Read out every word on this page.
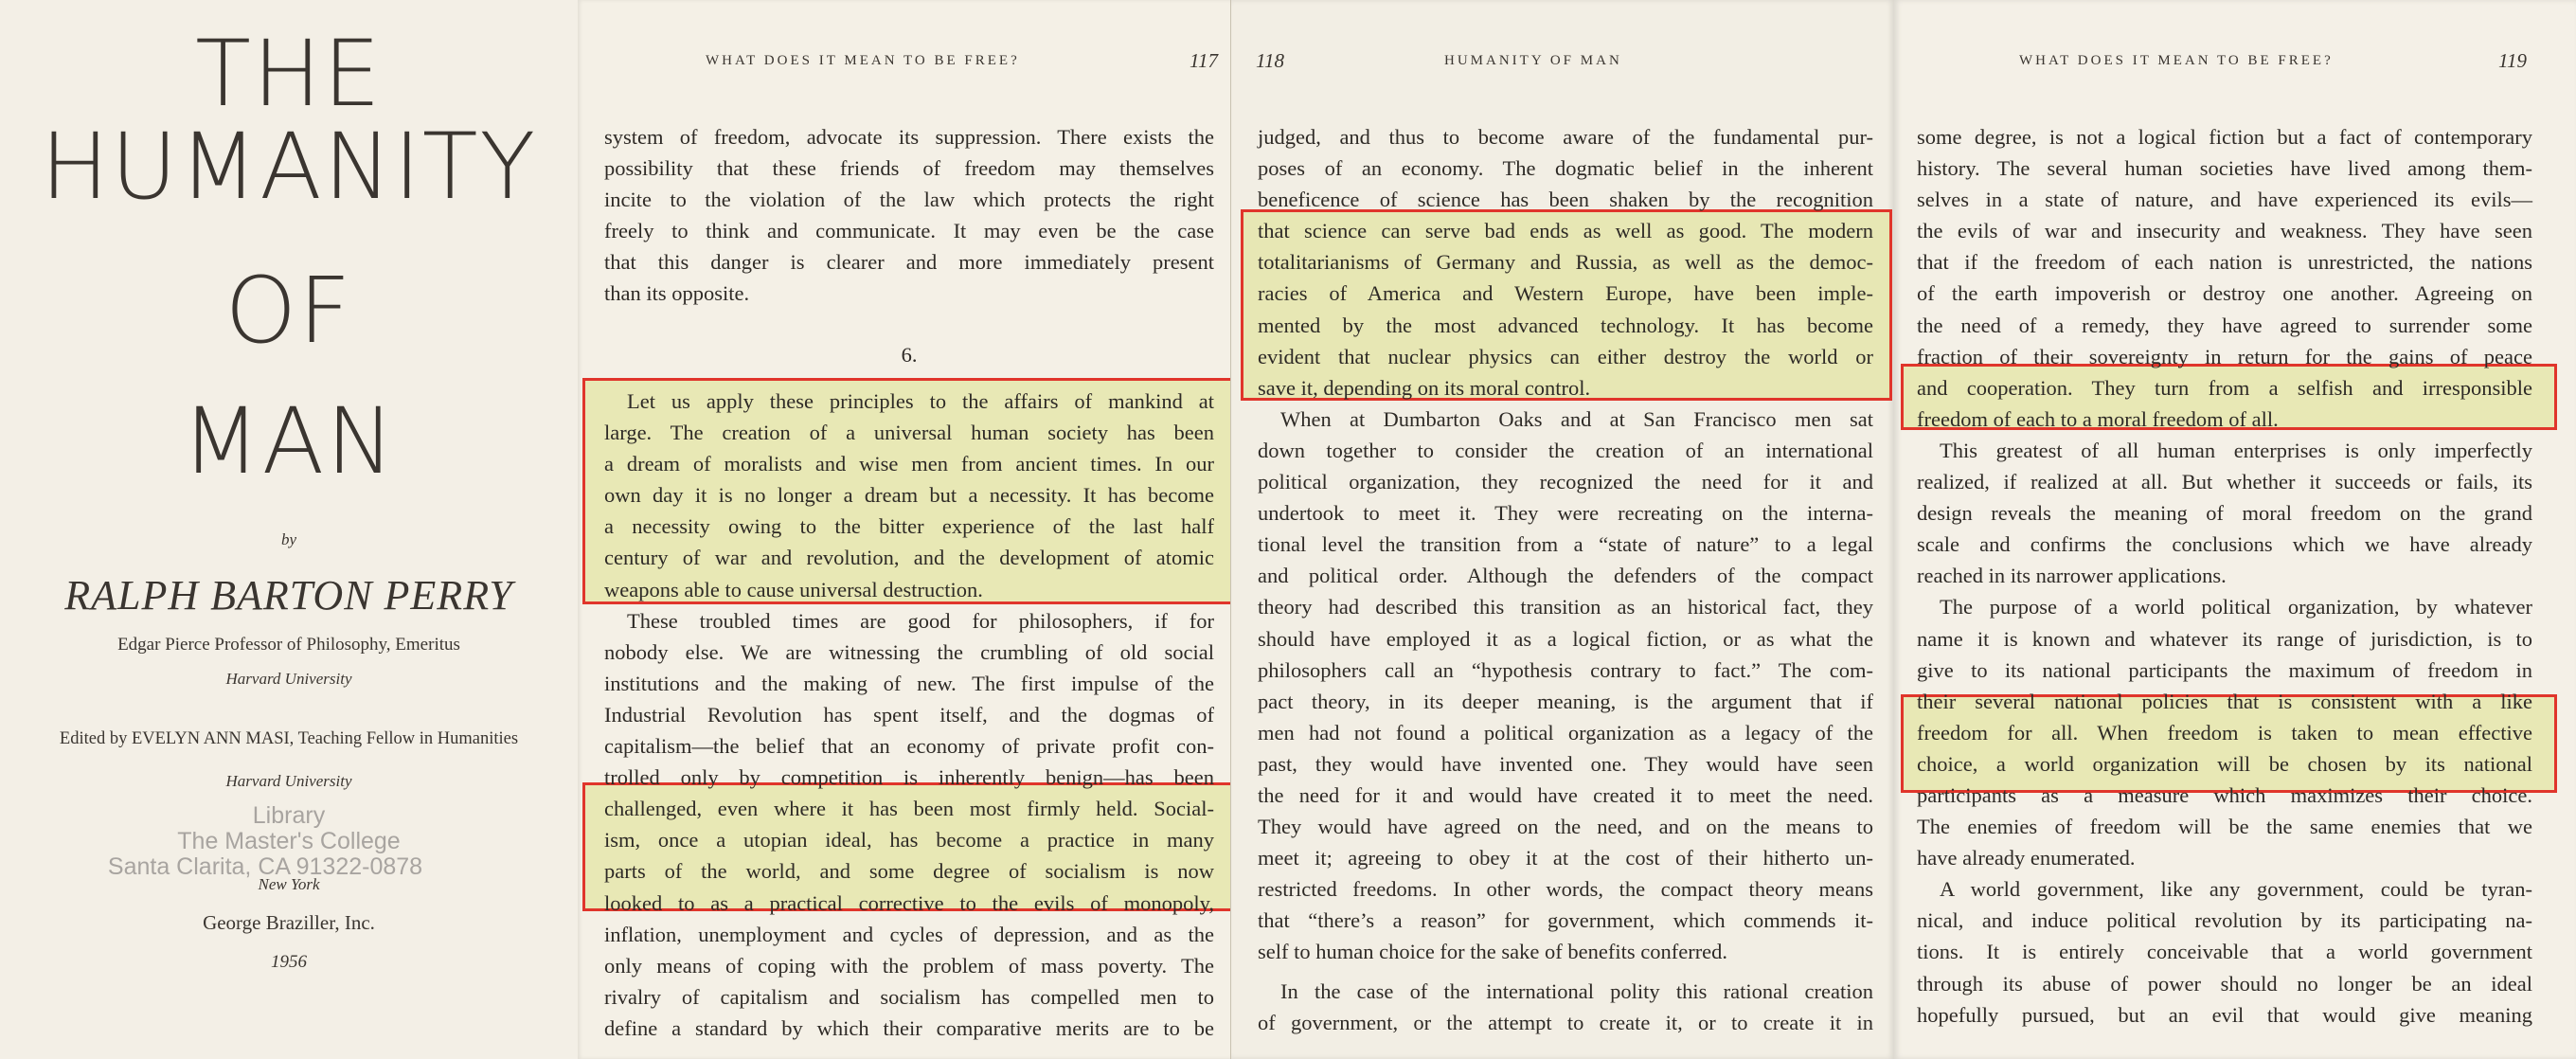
THE
HUMANITY
OF
MAN
by
RALPH BARTON PERRY
Edgar Pierce Professor of Philosophy, Emeritus
Harvard University
Edited by EVELYN ANN MASI, Teaching Fellow in Humanities
Harvard University
Library
The Master's College
Santa Clarita, CA 91322-0878
New York
George Braziller, Inc.
1956
WHAT DOES IT MEAN TO BE FREE?	117
system of freedom, advocate its suppression. There exists the
possibility that these friends of freedom may themselves
incite to the violation of the law which protects the right
freely to think and communicate. It may even be the case
that this danger is clearer and more immediately present
than its opposite.
6.
Let us apply these principles to the affairs of mankind at
large. The creation of a universal human society has been
a dream of moralists and wise men from ancient times. In our
own day it is no longer a dream but a necessity. It has become
a necessity owing to the bitter experience of the last half
century of war and revolution, and the development of atomic
weapons able to cause universal destruction.
These troubled times are good for philosophers, if for
nobody else. We are witnessing the crumbling of old social
institutions and the making of new. The first impulse of the
Industrial Revolution has spent itself, and the dogmas of
capitalism—the belief that an economy of private profit con-
trolled only by competition is inherently benign—has been
challenged, even where it has been most firmly held. Social-
ism, once a utopian ideal, has become a practice in many
parts of the world, and some degree of socialism is now
looked to as a practical corrective to the evils of monopoly,
inflation, unemployment and cycles of depression, and as the
only means of coping with the problem of mass poverty. The
rivalry of capitalism and socialism has compelled men to
define a standard by which their comparative merits are to be
118	HUMANITY OF MAN
judged, and thus to become aware of the fundamental pur-
poses of an economy. The dogmatic belief in the inherent
beneficence of science has been shaken by the recognition
that science can serve bad ends as well as good. The modern
totalitarianisms of Germany and Russia, as well as the democ-
racies of America and Western Europe, have been imple-
mented by the most advanced technology. It has become
evident that nuclear physics can either destroy the world or
save it, depending on its moral control.
When at Dumbarton Oaks and at San Francisco men sat
down together to consider the creation of an international
political organization, they recognized the need for it and
undertook to meet it. They were recreating on the interna-
tional level the transition from a “state of nature” to a legal
and political order. Although the defenders of the compact
theory had described this transition as an historical fact, they
should have employed it as a logical fiction, or as what the
philosophers call an “hypothesis contrary to fact.” The com-
pact theory, in its deeper meaning, is the argument that if
men had not found a political organization as a legacy of the
past, they would have invented one. They would have seen
the need for it and would have created it to meet the need.
They would have agreed on the need, and on the means to
meet it; agreeing to obey it at the cost of their hitherto un-
restricted freedoms. In other words, the compact theory means
that “there’s a reason” for government, which commends it-
self to human choice for the sake of benefits conferred.
In the case of the international polity this rational creation
of government, or the attempt to create it, or to create it in
WHAT DOES IT MEAN TO BE FREE?	119
some degree, is not a logical fiction but a fact of contemporary
history. The several human societies have lived among them-
selves in a state of nature, and have experienced its evils—
the evils of war and insecurity and weakness. They have seen
that if the freedom of each nation is unrestricted, the nations
of the earth impoverish or destroy one another. Agreeing on
the need of a remedy, they have agreed to surrender some
fraction of their sovereignty in return for the gains of peace
and cooperation. They turn from a selfish and irresponsible
freedom of each to a moral freedom of all.
This greatest of all human enterprises is only imperfectly
realized, if realized at all. But whether it succeeds or fails, its
design reveals the meaning of moral freedom on the grand
scale and confirms the conclusions which we have already
reached in its narrower applications.
The purpose of a world political organization, by whatever
name it is known and whatever its range of jurisdiction, is to
give to its national participants the maximum of freedom in
their several national policies that is consistent with a like
freedom for all. When freedom is taken to mean effective
choice, a world organization will be chosen by its national
participants as a measure which maximizes their choice.
The enemies of freedom will be the same enemies that we
have already enumerated.
A world government, like any government, could be tyran-
nical, and induce political revolution by its participating na-
tions. It is entirely conceivable that a world government
through its abuse of power should no longer be an ideal
hopefully pursued, but an evil that would give meaning
